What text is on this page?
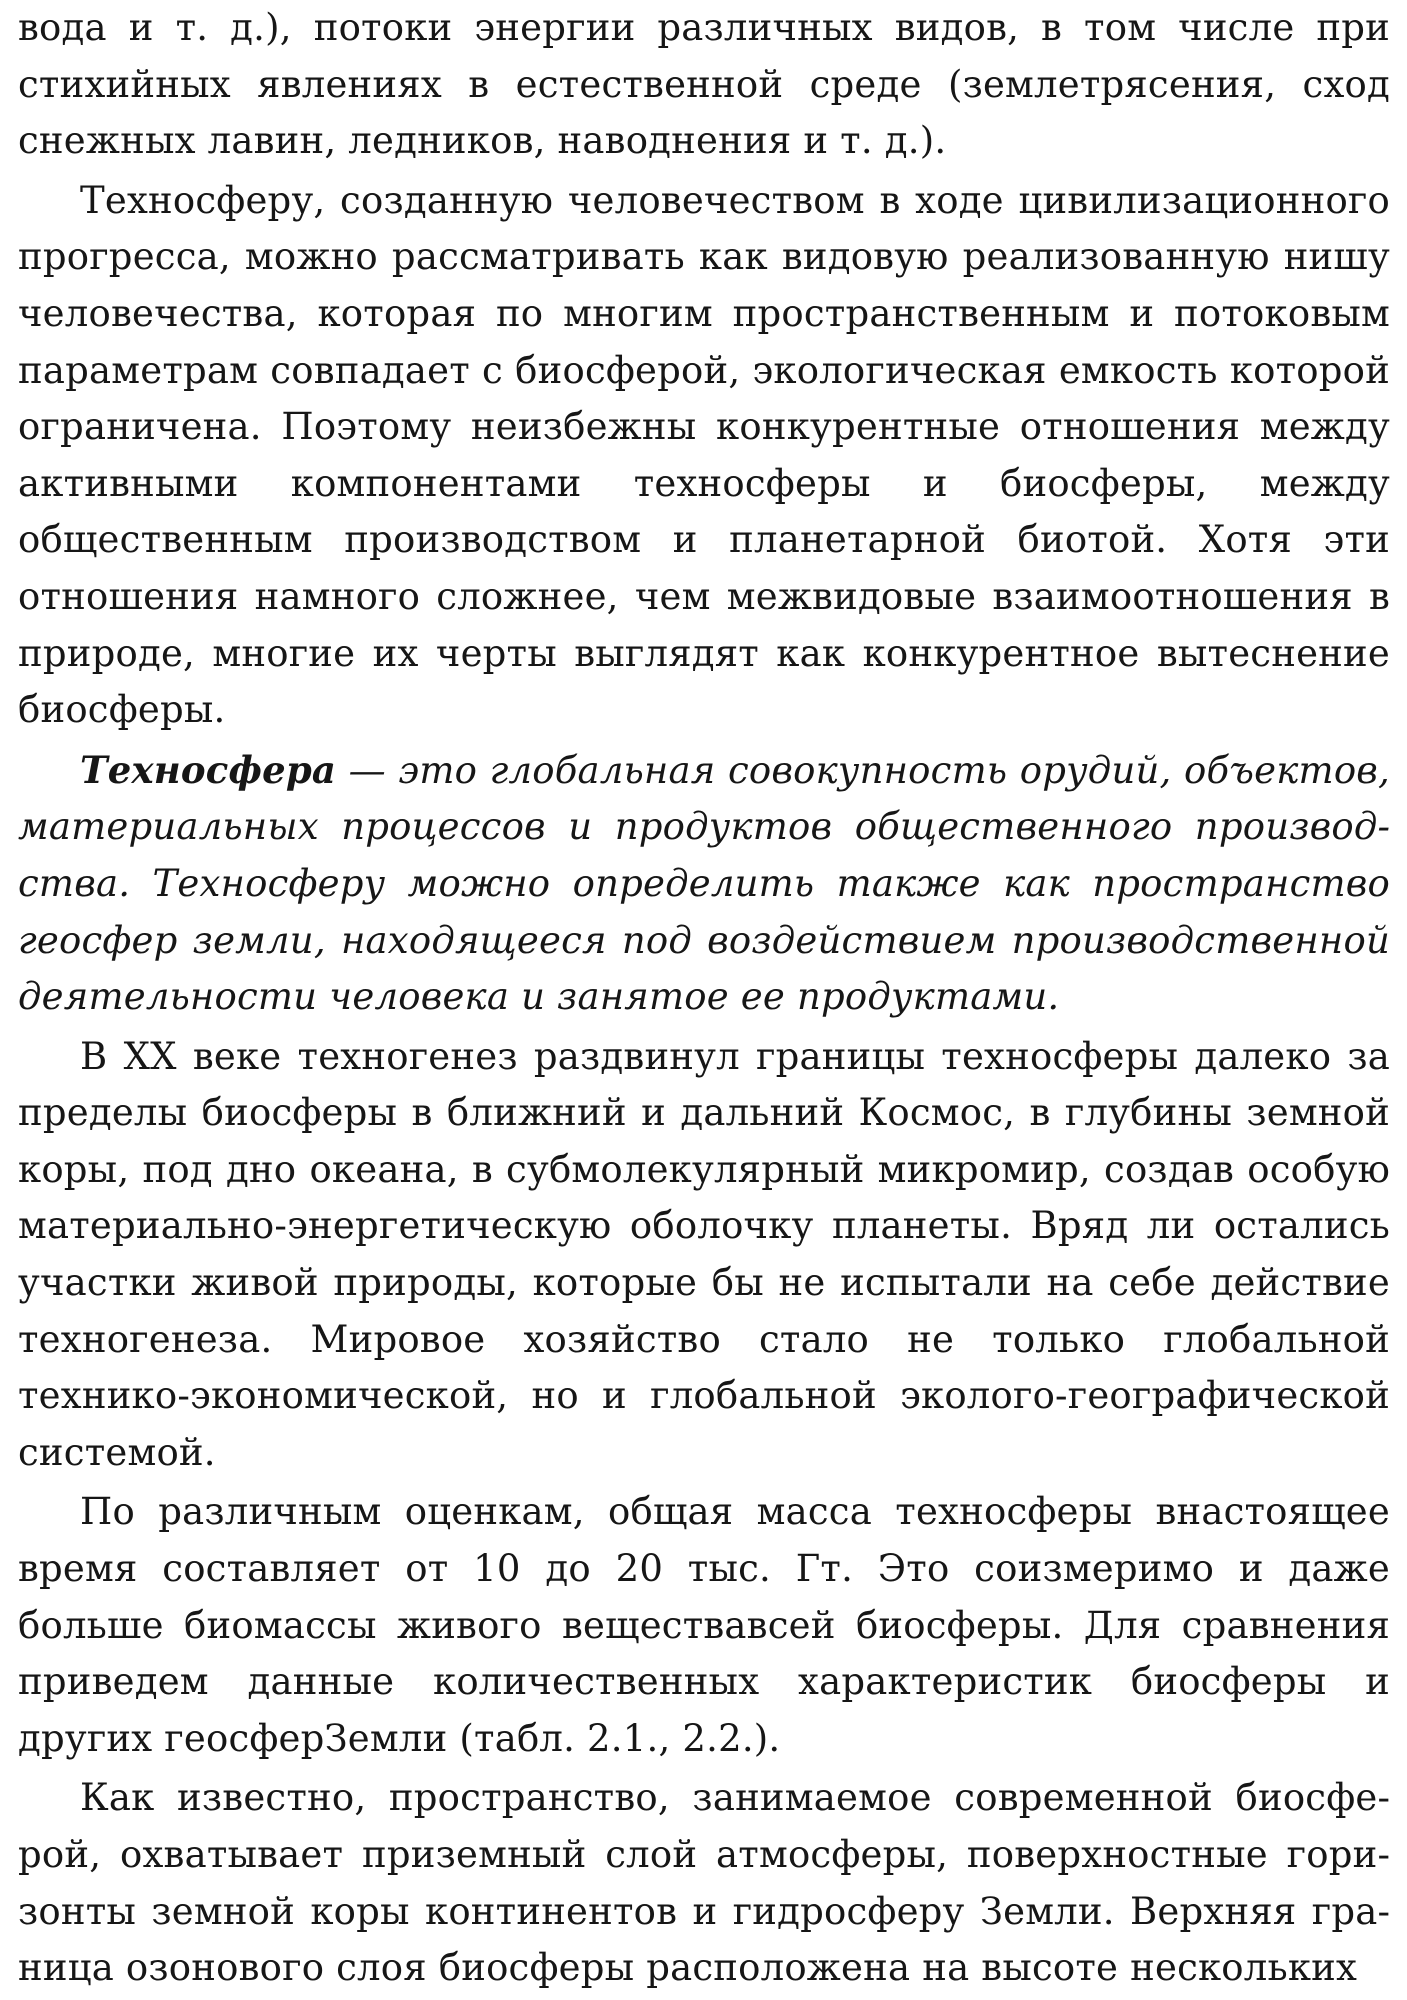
вода и т. д.), потоки энергии различных видов, в том числе при стихийных явлениях в естественной среде (землетрясения, сход снежных лавин, ледников, наводнения и т. д.).

Техносферу, созданную человечеством в ходе цивилизационного прогресса, можно рассматривать как видовую реализованную нишу человечества, которая по многим пространственным и потоковым параметрам совпадает с биосферой, экологическая емкость которой ограничена. Поэтому неизбежны конкурентные отношения между активными компонентами техносферы и биосферы, между общественным производством и планетарной биотой. Хотя эти отношения намного сложнее, чем межвидовые взаимоотношения в природе, многие их черты выглядят как конкурентное вытеснение биосферы.

Техносфера — это глобальная совокупность орудий, объектов, материальных процессов и продуктов общественного производства. Техносферу можно определить также как пространство геосфер земли, находящееся под воздействием производственной деятельности человека и занятое ее продуктами.

В XX веке техногенез раздвинул границы техносферы далеко за пределы биосферы в ближний и дальний Космос, в глубины земной коры, под дно океана, в субмолекулярный микромир, создав особую материально-энергетическую оболочку планеты. Вряд ли остались участки живой природы, которые бы не испытали на себе действие техногенеза. Мировое хозяйство стало не только глобальной технико-экономической, но и глобальной эколого-географической системой.

По различным оценкам, общая масса техносферы внастоящее время составляет от 10 до 20 тыс. Гт. Это соизмеримо и даже больше биомассы живого веществавсей биосферы. Для сравнения приведем данные количественных характеристик биосферы и других геосферЗемли (табл. 2.1., 2.2.).

Как известно, пространство, занимаемое современной биосферой, охватывает приземный слой атмосферы, поверхностные горизонты земной коры континентов и гидросферу Земли. Верхняя граница озонового слоя биосферы расположена на высоте нескольких
